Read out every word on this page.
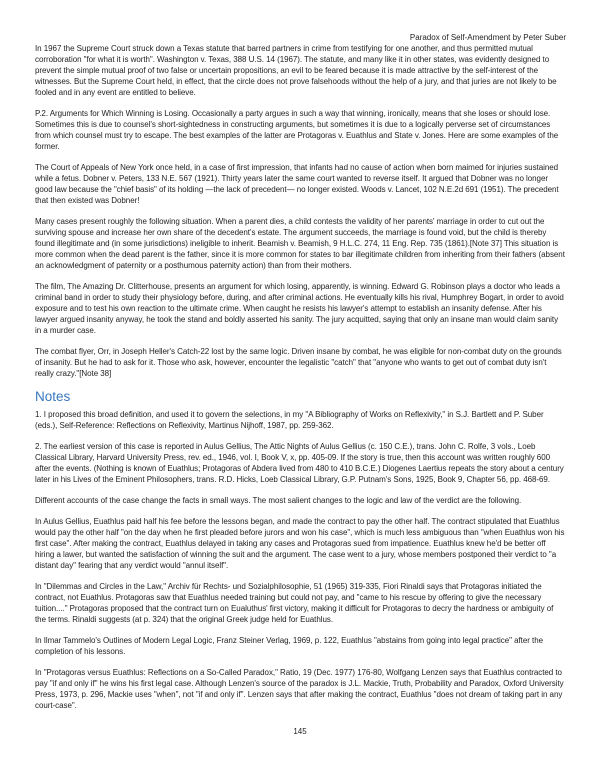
Paradox of Self-Amendment by Peter Suber

In 1967 the Supreme Court struck down a Texas statute that barred partners in crime from testifying for one another, and thus permitted mutual corroboration "for what it is worth". Washington v. Texas, 388 U.S. 14 (1967). The statute, and many like it in other states, was evidently designed to prevent the simple mutual proof of two false or uncertain propositions, an evil to be feared because it is made attractive by the self-interest of the witnesses. But the Supreme Court held, in effect, that the circle does not prove falsehoods without the help of a jury, and that juries are not likely to be fooled and in any event are entitled to believe.

P.2. Arguments for Which Winning is Losing. Occasionally a party argues in such a way that winning, ironically, means that she loses or should lose. Sometimes this is due to counsel's short-sightedness in constructing arguments, but sometimes it is due to a logically perverse set of circumstances from which counsel must try to escape. The best examples of the latter are Protagoras v. Euathlus and State v. Jones. Here are some examples of the former.

The Court of Appeals of New York once held, in a case of first impression, that infants had no cause of action when born maimed for injuries sustained while a fetus. Dobner v. Peters, 133 N.E. 567 (1921). Thirty years later the same court wanted to reverse itself. It argued that Dobner was no longer good law because the "chief basis" of its holding —the lack of precedent— no longer existed. Woods v. Lancet, 102 N.E.2d 691 (1951). The precedent that then existed was Dobner!

Many cases present roughly the following situation. When a parent dies, a child contests the validity of her parents' marriage in order to cut out the surviving spouse and increase her own share of the decedent's estate. The argument succeeds, the marriage is found void, but the child is thereby found illegitimate and (in some jurisdictions) ineligible to inherit. Beamish v. Beamish, 9 H.L.C. 274, 11 Eng. Rep. 735 (1861).[Note 37] This situation is more common when the dead parent is the father, since it is more common for states to bar illegitimate children from inheriting from their fathers (absent an acknowledgment of paternity or a posthumous paternity action) than from their mothers.

The film, The Amazing Dr. Clitterhouse, presents an argument for which losing, apparently, is winning. Edward G. Robinson plays a doctor who leads a criminal band in order to study their physiology before, during, and after criminal actions. He eventually kills his rival, Humphrey Bogart, in order to avoid exposure and to test his own reaction to the ultimate crime. When caught he resists his lawyer's attempt to establish an insanity defense. After his lawyer argued insanity anyway, he took the stand and boldly asserted his sanity. The jury acquitted, saying that only an insane man would claim sanity in a murder case.

The combat flyer, Orr, in Joseph Heller's Catch-22 lost by the same logic. Driven insane by combat, he was eligible for non-combat duty on the grounds of insanity. But he had to ask for it. Those who ask, however, encounter the legalistic "catch" that "anyone who wants to get out of combat duty isn't really crazy."[Note 38]

Notes

1. I proposed this broad definition, and used it to govern the selections, in my "A Bibliography of Works on Reflexivity," in S.J. Bartlett and P. Suber (eds.), Self-Reference: Reflections on Reflexivity, Martinus Nijhoff, 1987, pp. 259-362.

2. The earliest version of this case is reported in Aulus Gellius, The Attic Nights of Aulus Gellius (c. 150 C.E.), trans. John C. Rolfe, 3 vols., Loeb Classical Library, Harvard University Press, rev. ed., 1946, vol. I, Book V, x, pp. 405-09. If the story is true, then this account was written roughly 600 after the events. (Nothing is known of Euathlus; Protagoras of Abdera lived from 480 to 410 B.C.E.) Diogenes Laertius repeats the story about a century later in his Lives of the Eminent Philosophers, trans. R.D. Hicks, Loeb Classical Library, G.P. Putnam's Sons, 1925, Book 9, Chapter 56, pp. 468-69.

Different accounts of the case change the facts in small ways. The most salient changes to the logic and law of the verdict are the following.

In Aulus Gellius, Euathlus paid half his fee before the lessons began, and made the contract to pay the other half. The contract stipulated that Euathlus would pay the other half "on the day when he first pleaded before jurors and won his case", which is much less ambiguous than "when Euathlus won his first case". After making the contract, Euathlus delayed in taking any cases and Protagoras sued from impatience. Euathlus knew he'd be better off hiring a lawer, but wanted the satisfaction of winning the suit and the argument. The case went to a jury, whose members postponed their verdict to "a distant day" fearing that any verdict would "annul itself".

In "Dilemmas and Circles in the Law," Archiv für Rechts- und Sozialphilosophie, 51 (1965) 319-335, Fiori Rinaldi says that Protagoras initiated the contract, not Euathlus. Protagoras saw that Euathlus needed training but could not pay, and "came to his rescue by offering to give the necessary tuition...." Protagoras proposed that the contract turn on Eualuthus' first victory, making it difficult for Protagoras to decry the hardness or ambiguity of the terms. Rinaldi suggests (at p. 324) that the original Greek judge held for Euathlus.

In Ilmar Tammelo's Outlines of Modern Legal Logic, Franz Steiner Verlag, 1969, p. 122, Euathlus "abstains from going into legal practice" after the completion of his lessons.

In "Protagoras versus Euathlus: Reflections on a So-Called Paradox," Ratio, 19 (Dec. 1977) 176-80, Wolfgang Lenzen says that Euathlus contracted to pay "if and only if" he wins his first legal case. Although Lenzen's source of the paradox is J.L. Mackie, Truth, Probability and Paradox, Oxford University Press, 1973, p. 296, Mackie uses "when", not "if and only if". Lenzen says that after making the contract, Euathlus "does not dream of taking part in any court-case".

145
